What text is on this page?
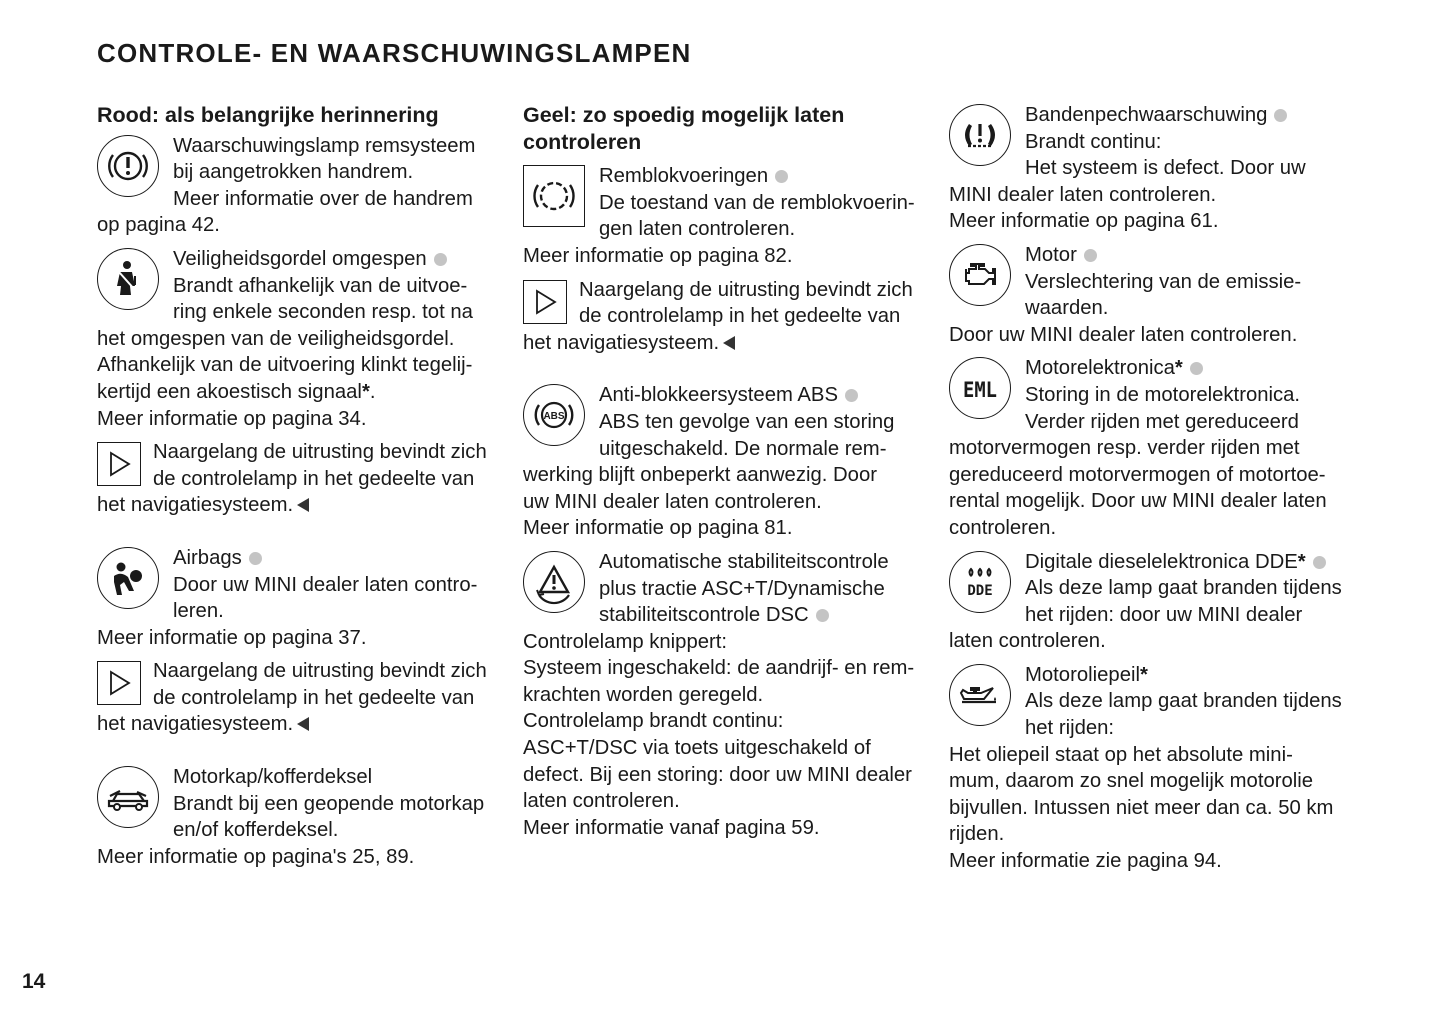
CONTROLE- EN WAARSCHUWINGSLAMPEN

Rood: als belangrijke herinnering

Waarschuwingslamp remsysteem
bij aangetrokken handrem.
Meer informatie over de handrem
op pagina 42.
Veiligheidsgordel omgespen
Brandt afhankelijk van de uitvoe-
ring enkele seconden resp. tot na
het omgespen van de veiligheidsgordel.
Afhankelijk van de uitvoering klinkt tegelij-
kertijd een akoestisch signaal*.
Meer informatie op pagina 34.
Naargelang de uitrusting bevindt zich
de controlelamp in het gedeelte van
het navigatiesysteem.
Airbags
Door uw MINI dealer laten contro-
leren.
Meer informatie op pagina 37.
Naargelang de uitrusting bevindt zich
de controlelamp in het gedeelte van
het navigatiesysteem.
Motorkap/kofferdeksel
Brandt bij een geopende motorkap
en/of kofferdeksel.
Meer informatie op pagina's 25, 89.

Geel: zo spoedig mogelijk laten controleren

Remblokvoeringen
De toestand van de remblokvoerin-
gen laten controleren.
Meer informatie op pagina 82.
Naargelang de uitrusting bevindt zich
de controlelamp in het gedeelte van
het navigatiesysteem.
ABS
Anti-blokkeersysteem ABS
ABS ten gevolge van een storing
uitgeschakeld. De normale rem-
werking blijft onbeperkt aanwezig. Door
uw MINI dealer laten controleren.
Meer informatie op pagina 81.
Automatische stabiliteitscontrole
plus tractie ASC+T/Dynamische
stabiliteitscontrole DSC
Controlelamp knippert:
Systeem ingeschakeld: de aandrijf- en rem-
krachten worden geregeld.
Controlelamp brandt continu:
ASC+T/DSC via toets uitgeschakeld of
defect. Bij een storing: door uw MINI dealer
laten controleren.
Meer informatie vanaf pagina 59.
Bandenpechwaarschuwing
Brandt continu:
Het systeem is defect. Door uw
MINI dealer laten controleren.
Meer informatie op pagina 61.
Motor
Verslechtering van de emissie-
waarden.
Door uw MINI dealer laten controleren.
EML
Motorelektronica*
Storing in de motorelektronica.
Verder rijden met gereduceerd
motorvermogen resp. verder rijden met
gereduceerd motorvermogen of motortoe-
rental mogelijk. Door uw MINI dealer laten
controleren.
DDE
Digitale dieselelektronica DDE*
Als deze lamp gaat branden tijdens
het rijden: door uw MINI dealer
laten controleren.
Motoroliepeil*
Als deze lamp gaat branden tijdens
het rijden:
Het oliepeil staat op het absolute mini-
mum, daarom zo snel mogelijk motorolie
bijvullen. Intussen niet meer dan ca. 50 km
rijden.
Meer informatie zie pagina 94.
14
